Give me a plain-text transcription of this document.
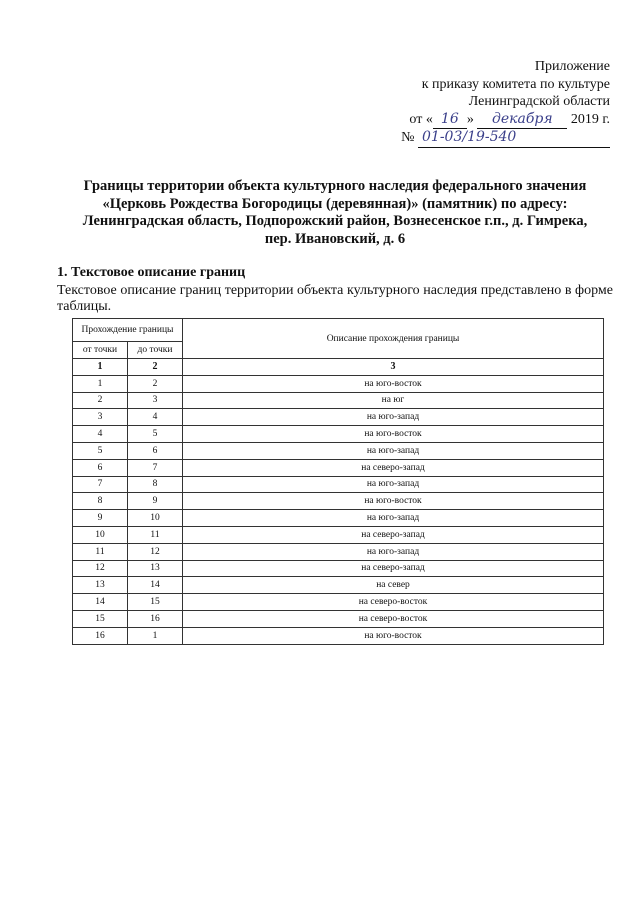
Приложение
к приказу комитета по культуре
Ленинградской области
от « 16 » декабря 2019 г.
№ 01-03/19-540
Границы территории объекта культурного наследия федерального значения
«Церковь Рождества Богородицы (деревянная)» (памятник) по адресу:
Ленинградская область, Подпорожский район, Вознесенское г.п., д. Гимрека,
пер. Ивановский, д. 6
1. Текстовое описание границ
Текстовое описание границ территории объекта культурного наследия представлено в форме таблицы.
Прохождение границы		Описание прохождения границы
от точки	до точки	
1	2	3
1	2	на юго-восток
2	3	на юг
3	4	на юго-запад
4	5	на юго-восток
5	6	на юго-запад
6	7	на северо-запад
7	8	на юго-запад
8	9	на юго-восток
9	10	на юго-запад
10	11	на северо-запад
11	12	на юго-запад
12	13	на северо-запад
13	14	на север
14	15	на северо-восток
15	16	на северо-восток
16	1	на юго-восток
